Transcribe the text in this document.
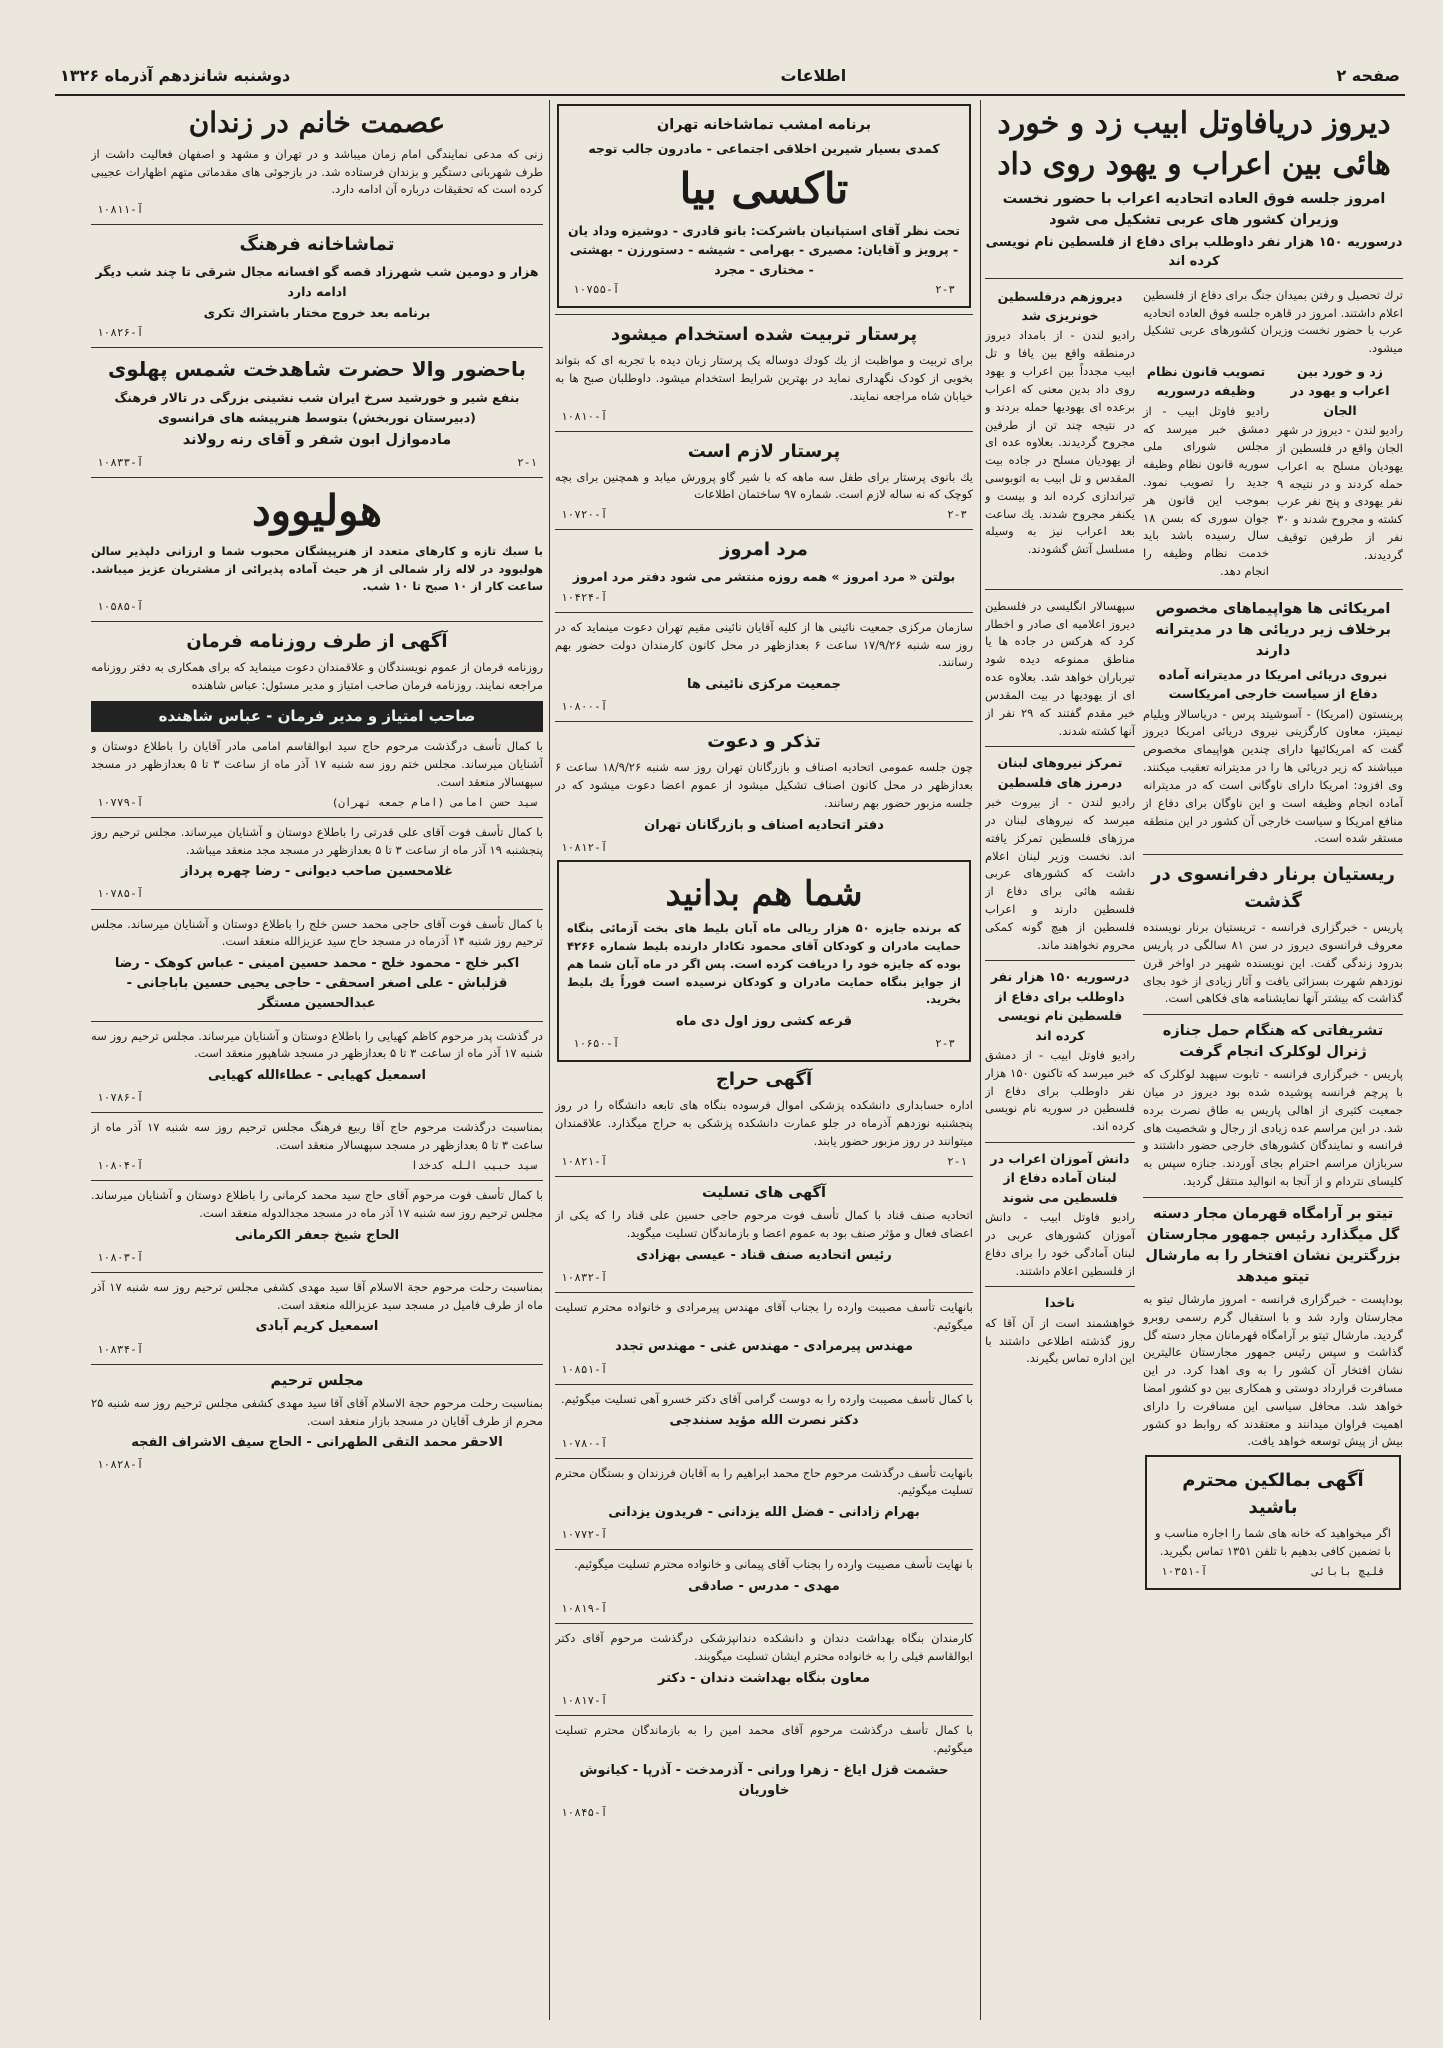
صفحه ۲
اطلاعات
دوشنبه شانزدهم آذرماه ۱۳۲۶
دیروز دریافاوتل ابیب زد و خورد هائی بین اعراب و یهود روی داد
امروز جلسه فوق العاده اتحادیه اعراب با حضور نخست وزیران کشور های عربی تشکیل می شود
درسوریه ۱۵۰ هزار نفر داوطلب برای دفاع از فلسطین نام نویسی کرده اند
ترك تحصیل و رفتن بمیدان جنگ برای دفاع از فلسطین اعلام داشتند. امروز در قاهره جلسه فوق العاده اتحادیه عرب با حضور نخست وزیران کشورهای عربی تشکیل میشود.
زد و خورد بین اعراب و یهود در الجان
رادیو لندن - دیروز در شهر الجان واقع در فلسطین از یهودیان مسلح به اعراب حمله کردند و در نتیجه ۹ نفر یهودی و پنج نفر عرب کشته و مجروح شدند و ۳۰ نفر از طرفین توقیف گردیدند.
تصویب قانون نظام وظیفه درسوریه
رادیو فاوتل ابیب - از دمشق خبر میرسد که مجلس شورای ملی سوریه قانون نظام وظیفه جدید را تصویب نمود. بموجب این قانون هر جوان سوری که بسن ۱۸ سال رسیده باشد باید خدمت نظام وظیفه را انجام دهد.
دیروزهم درفلسطین خونریزی شد
رادیو لندن - از بامداد دیروز درمنطقه واقع بین یافا و تل ابیب مجدداً بین اعراب و یهود روی داد بدین معنی که اعراب برعده ای یهودیها حمله بردند و در نتیجه چند تن از طرفین مجروح گردیدند. بعلاوه عده ای از یهودیان مسلح در جاده بیت المقدس و تل ابیب به اتوبوسی تیراندازی کرده اند و بیست و یکنفر مجروح شدند. یك ساعت بعد اعراب نیز به وسیله مسلسل آتش گشودند.
امریکائی ها هواپیماهای مخصوص برخلاف زیر دریائی ها در مدیترانه دارند
نیروی دریائی امریکا در مدیترانه آماده دفاع از سیاست خارجی امریکاست
پرینستون (امریکا) - آسوشیتد پرس - دریاسالار ویلیام نیمیتز، معاون کارگزینی نیروی دریائی امریکا دیروز گفت که امریکائیها دارای چندین هواپیمای مخصوص میباشند که زیر دریائی ها را در مدیترانه تعقیب میکنند. وی افزود: امریکا دارای ناوگانی است که در مدیترانه آماده انجام وظیفه است و این ناوگان برای دفاع از منافع امریکا و سیاست خارجی آن کشور در این منطقه مستقر شده است.
ریستیان برنار دفرانسوی در گذشت
پاریس - خبرگزاری فرانسه - تریستیان برنار نویسنده معروف فرانسوی دیروز در سن ۸۱ سالگی در پاریس بدرود زندگی گفت. این نویسنده شهیر در اواخر قرن نوزدهم شهرت بسزائی یافت و آثار زیادی از خود بجای گذاشت که بیشتر آنها نمایشنامه های فکاهی است.
تشریفاتی که هنگام حمل جنازه ژنرال لوکلرک انجام گرفت
پاریس - خبرگزاری فرانسه - تابوت سپهبد لوکلرک که با پرچم فرانسه پوشیده شده بود دیروز در میان جمعیت کثیری از اهالی پاریس به طاق نصرت برده شد. در این مراسم عده زیادی از رجال و شخصیت های فرانسه و نمایندگان کشورهای خارجی حضور داشتند و سربازان مراسم احترام بجای آوردند. جنازه سپس به کلیسای نتردام و از آنجا به انوالید منتقل گردید.
تیتو بر آرامگاه قهرمان مجار دسته گل میگذارد رئیس جمهور مجارستان بزرگترین نشان افتخار را به مارشال تیتو میدهد
بوداپست - خبرگزاری فرانسه - امروز مارشال تیتو به مجارستان وارد شد و با استقبال گرم رسمی روبرو گردید. مارشال تیتو بر آرامگاه قهرمانان مجار دسته گل گذاشت و سپس رئیس جمهور مجارستان عالیترین نشان افتخار آن کشور را به وی اهدا کرد. در این مسافرت قرارداد دوستی و همکاری بین دو کشور امضا خواهد شد. محافل سیاسی این مسافرت را دارای اهمیت فراوان میدانند و معتقدند که روابط دو کشور بیش از پیش توسعه خواهد یافت.
آگهی بمالکین محترم باشید
اگر میخواهید که خانه های شما را اجاره مناسب و با تضمین کافی بدهیم با تلفن ۱۳۵۱ تماس بگیرید.
آ-۱۰۳۵۱	قلیچ بابائی
سپهسالار انگلیسی در فلسطین دیروز اعلامیه ای صادر و اخطار کرد که هرکس در جاده ها یا مناطق ممنوعه دیده شود تیرباران خواهد شد. بعلاوه عده ای از یهودیها در بیت المقدس خیر مقدم گفتند که ۲۹ نفر از آنها کشته شدند.
تمرکز نیروهای لبنان درمرز های فلسطین
رادیو لندن - از بیروت خبر میرسد که نیروهای لبنان در مرزهای فلسطین تمرکز یافته اند. نخست وزیر لبنان اعلام داشت که کشورهای عربی نقشه هائی برای دفاع از فلسطین دارند و اعراب فلسطین از هیچ گونه کمکی محروم نخواهند ماند.
درسوریه ۱۵۰ هزار نفر داوطلب برای دفاع از فلسطین نام نویسی کرده اند
رادیو فاوتل ابیب - از دمشق خبر میرسد که تاکنون ۱۵۰ هزار نفر داوطلب برای دفاع از فلسطین در سوریه نام نویسی کرده اند.
دانش آموزان اعراب در لبنان آماده دفاع از فلسطین می شوند
رادیو فاوتل ابیب - دانش آموزان کشورهای عربی در لبنان آمادگی خود را برای دفاع از فلسطین اعلام داشتند.
ناخدا
خواهشمند است از آن آقا که روز گذشته اطلاعی داشتند با این اداره تماس بگیرند.
برنامه امشب تماشاخانه تهران
کمدی بسیار شیرین اخلاقی اجتماعی - مادرون جالب توجه
تاکسی بیا
تحت نظر آقای استپانیان باشرکت: بانو قادری - دوشیزه وداد یان - پرویز و آقایان: مصیری - بهرامی - شیشه - دستورزن - بهشتی - مختاری - مجرد
آ-۱۰۷۵۵	۲-۳
پرستار تربیت شده استخدام میشود
برای تربیت و مواظبت از یك کودك دوساله یک پرستار زبان دیده با تجربه ای که بتواند بخوبی از کودک نگهداری نماید در بهترین شرایط استخدام میشود. داوطلبان صبح ها به خیابان شاه مراجعه نمایند.
آ-۱۰۸۱۰
پرستار لازم است
یك بانوی پرستار برای طفل سه ماهه که با شیر گاو پرورش میابد و همچنین برای بچه کوچک که نه ساله لازم است. شماره ۹۷ ساختمان اطلاعات
آ-۱۰۷۲۰	۲-۳
مرد امروز
بولتن « مرد امروز » همه روزه منتشر می شود دفتر مرد امروز
آ-۱۰۴۲۴
سازمان مرکزی جمعیت نائینی ها از کلیه آقایان نائینی مقیم تهران دعوت مینماید که در روز سه شنبه ۱۷/۹/۲۶ ساعت ۶ بعدازظهر در محل کانون کارمندان دولت حضور بهم رسانند.
جمعیت مرکزی نائینی ها
آ-۱۰۸۰۰
تذکر و دعوت
چون جلسه عمومی اتحادیه اصناف و بازرگانان تهران روز سه شنبه ۱۸/۹/۲۶ ساعت ۶ بعدازظهر در محل کانون اصناف تشکیل میشود از عموم اعضا دعوت میشود که در جلسه مزبور حضور بهم رسانند.
دفتر اتحادیه اصناف و بازرگانان تهران
آ-۱۰۸۱۲
شما هم بدانید
که برنده جایزه ۵۰ هزار ریالی ماه آبان بلیط های بخت آزمائی بنگاه حمایت مادران و کودکان آقای محمود تکادار دارنده بلیط شماره ۴۲۶۶ بوده که جایزه خود را دریافت کرده است. پس اگر در ماه آبان شما هم از جوایز بنگاه حمایت مادران و کودکان نرسیده است فوراً یك بلیط بخرید.
قرعه کشی روز اول دی ماه
آ-۱۰۶۵۰	۲-۳
آگهی حراج
اداره حسابداری دانشکده پزشکی اموال فرسوده بنگاه های تابعه دانشگاه را در روز پنجشنبه نوزدهم آذرماه در جلو عمارت دانشکده پزشکی به حراج میگذارد. علاقمندان میتوانند در روز مزبور حضور یابند.
آ-۱۰۸۲۱	۲-۱
آگهی های تسلیت
اتحادیه صنف قناد با کمال تأسف فوت مرحوم حاجی حسین علی قناد را که یکی از اعضای فعال و مؤثر صنف بود به عموم اعضا و بازماندگان تسلیت میگوید.
رئیس اتحادیه صنف قناد - عیسی بهزادی
آ-۱۰۸۳۲
بانهایت تأسف مصیبت وارده را بجناب آقای مهندس پیرمرادی و خانواده محترم تسلیت میگوئیم.
مهندس پیرمرادی - مهندس غنی - مهندس تجدد
آ-۱۰۸۵۱
با کمال تأسف مصیبت وارده را به دوست گرامی آقای دکتر خسرو آهی تسلیت میگوئیم.
دکتر نصرت الله مؤید سنندجی
آ-۱۰۷۸۰
بانهایت تأسف درگذشت مرحوم حاج محمد ابراهیم را به آقایان فرزندان و بستگان محترم تسلیت میگوئیم.
بهرام زادانی - فضل الله یزدانی - فریدون یزدانی
آ-۱۰۷۷۲
با نهایت تأسف مصیبت وارده را بجناب آقای پیمانی و خانواده محترم تسلیت میگوئیم.
مهدی - مدرس - صادقی
آ-۱۰۸۱۹
کارمندان بنگاه بهداشت دندان و دانشکده دندانپزشکی درگذشت مرحوم آقای دکتر ابوالقاسم فیلی را به خانواده محترم ایشان تسلیت میگویند.
معاون بنگاه بهداشت دندان - دکتر
آ-۱۰۸۱۷
با کمال تأسف درگذشت مرحوم آقای محمد امین را به بازماندگان محترم تسلیت میگوئیم.
حشمت قزل ایاغ - زهرا ورانی - آذرمدخت - آذرپا - کیانوش خاوریان
آ-۱۰۸۴۵
عصمت خانم در زندان
زنی که مدعی نمایندگی امام زمان میباشد و در تهران و مشهد و اصفهان فعالیت داشت از طرف شهربانی دستگیر و بزندان فرستاده شد. در بازجوئی های مقدماتی متهم اظهارات عجیبی کرده است که تحقیقات درباره آن ادامه دارد.
آ-۱۰۸۱۱
تماشاخانه فرهنگ
هزار و دومین شب شهرزاد قصه گو افسانه مجال شرقی تا چند شب دیگر ادامه دارد
برنامه بعد خروج مختار باشتراك تکری
آ-۱۰۸۲۶
باحضور والا حضرت شاهدخت شمس پهلوی
بنفع شیر و خورشید سرخ ایران شب نشینی بزرگی در تالار فرهنگ (دبیرستان نوربخش) بتوسط هنرپیشه های فرانسوی
مادموازل ابون شفر و آقای رنه رولاند
آ-۱۰۸۳۳	۲-۱
هولیوود
با سبك تازه و کارهای متعدد از هنرپیشگان محبوب شما و ارزانی دلپذیر سالن هولیوود در لاله زار شمالی از هر حیث آماده پذیرائی از مشتریان عزیز میباشد. ساعت کار از ۱۰ صبح تا ۱۰ شب.
آ-۱۰۵۸۵
آگهی از طرف روزنامه فرمان
روزنامه فرمان از عموم نویسندگان و علاقمندان دعوت مینماید که برای همکاری به دفتر روزنامه مراجعه نمایند. روزنامه فرمان صاحب امتیاز و مدیر مسئول: عباس شاهنده
صاحب امتیاز و مدیر فرمان - عباس شاهنده
با کمال تأسف درگذشت مرحوم حاج سید ابوالقاسم امامی مادر آقایان را باطلاع دوستان و آشنایان میرساند. مجلس ختم روز سه شنبه ۱۷ آذر ماه از ساعت ۳ تا ۵ بعدازظهر در مسجد سپهسالار منعقد است.
آ-۱۰۷۷۹	سید حسن امامی (امام جمعه تهران)
با کمال تأسف فوت آقای علی قدرتی را باطلاع دوستان و آشنایان میرساند. مجلس ترحیم روز پنجشنبه ۱۹ آذر ماه از ساعت ۳ تا ۵ بعدازظهر در مسجد مجد منعقد میباشد.
غلامحسین صاحب دیوانی - رضا چهره پرداز
آ-۱۰۷۸۵
با کمال تأسف فوت آقای حاجی محمد حسن خلج را باطلاع دوستان و آشنایان میرساند. مجلس ترحیم روز شنبه ۱۴ آذرماه در مسجد حاج سید عزیزالله منعقد است.
اکبر خلج - محمود خلج - محمد حسین امینی - عباس کوهک - رضا قزلباش - علی اصغر اسحقی - حاجی یحیی حسین باباجانی - عبدالحسین مستگر
در گذشت پدر مرحوم کاظم کهیایی را باطلاع دوستان و آشنایان میرساند. مجلس ترحیم روز سه شنبه ۱۷ آذر ماه از ساعت ۳ تا ۵ بعدازظهر در مسجد شاهپور منعقد است.
اسمعیل کهیایی - عطاءالله کهیایی
آ-۱۰۷۸۶
بمناسبت درگذشت مرحوم حاج آقا ربیع فرهنگ مجلس ترحیم روز سه شنبه ۱۷ آذر ماه از ساعت ۳ تا ۵ بعدازظهر در مسجد سپهسالار منعقد است.
آ-۱۰۸۰۴	سید حبیب الله کدخدا
با کمال تأسف فوت مرحوم آقای حاج سید محمد کرمانی را باطلاع دوستان و آشنایان میرساند. مجلس ترحیم روز سه شنبه ۱۷ آذر ماه در مسجد مجدالدوله منعقد است.
الحاج شیخ جعفر الکرمانی
آ-۱۰۸۰۳
بمناسبت رحلت مرحوم حجة الاسلام آقا سید مهدی کشفی مجلس ترحیم روز سه شنبه ۱۷ آذر ماه از طرف فامیل در مسجد سید عزیزالله منعقد است.
اسمعیل کریم آبادی
آ-۱۰۸۳۴
مجلس ترحیم
بمناسبت رحلت مرحوم حجة الاسلام آقای آقا سید مهدی کشفی مجلس ترحیم روز سه شنبه ۲۵ محرم از طرف آقایان در مسجد بازار منعقد است.
الاحقر محمد التقی الطهرانی - الحاج سیف الاشراف الفجه
آ-۱۰۸۲۸
